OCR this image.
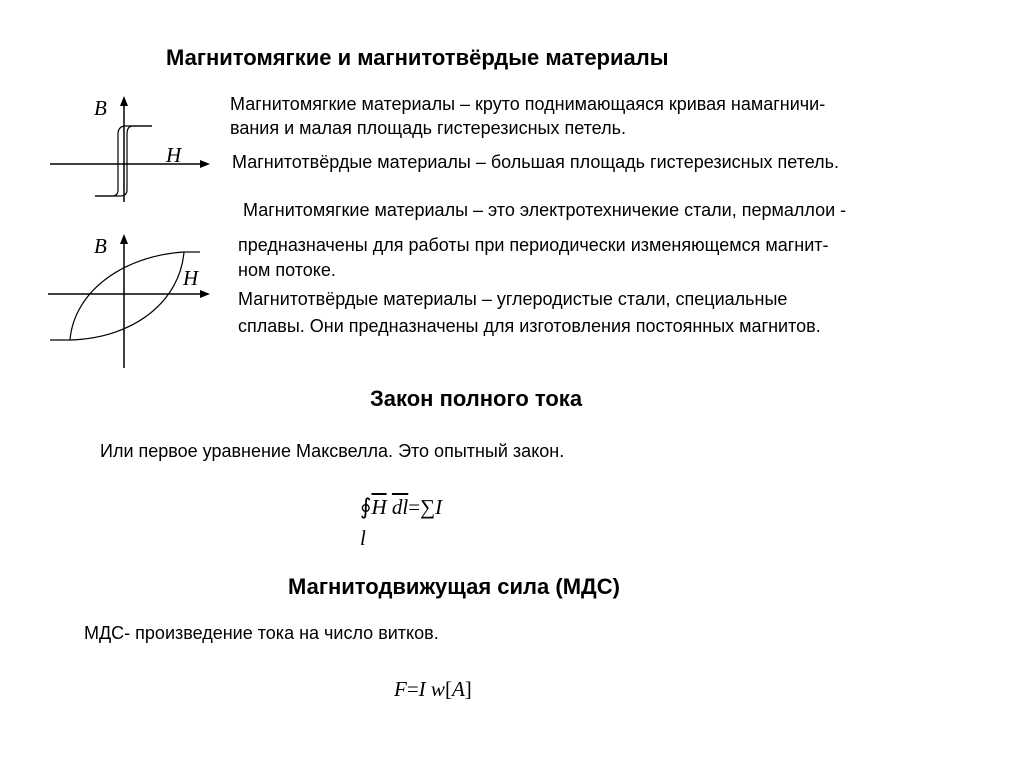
Магнитомягкие и магнитотвёрдые материалы
B
H
B
H
Магнитомягкие материалы – круто поднимающаяся кривая намагничи-
вания и малая площадь гистерезисных петель.
Магнитотвёрдые материалы – большая площадь гистерезисных петель.
Магнитомягкие материалы – это электротехничекие стали, пермаллои -
предназначены для работы при периодически изменяющемся магнит-
ном потоке.
Магнитотвёрдые материалы – углеродистые стали, специальные
сплавы. Они предназначены для изготовления постоянных магнитов.
Закон полного тока
Или первое уравнение Максвелла. Это опытный закон.
$∮\overline{H}$ $\overline{dl}=\sum I$
l
Магнитодвижущая сила (МДС)
МДС- произведение тока на число витков.
F=I w[A]
